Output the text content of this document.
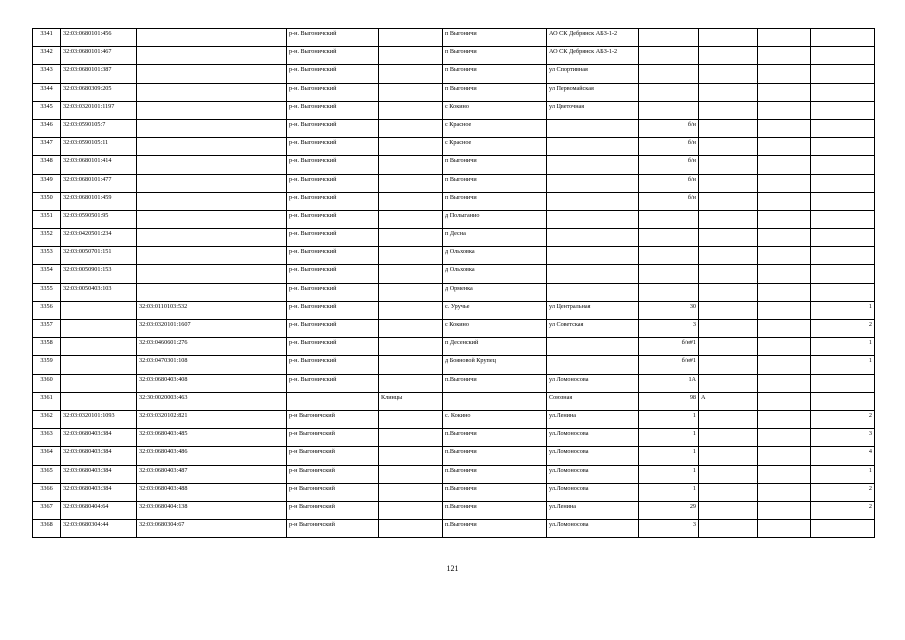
3341	32:03:0680101:456		р-н. Выгоничский		п Выгоничи	АО СК Дебрянск АБЗ-1-2				
3342	32:03:0680101:467		р-н. Выгоничский		п Выгоничи	АО СК Дебрянск АБЗ-1-2				
3343	32:03:0680101:387		р-н. Выгоничский		п Выгоничи	ул Спортивная				
3344	32:03:0680309:205		р-н. Выгоничский		п Выгоничи	ул Первомайская				
3345	32:03:0320101:1197		р-н. Выгоничский		с Кокино	ул Цветочная				
3346	32:03:0590105:7		р-н. Выгоничский		с Красное		б/н			
3347	32:03:0590105:11		р-н. Выгоничский		с Красное		б/н			
3348	32:03:0680101:414		р-н. Выгоничский		п Выгоничи		б/н			
3349	32:03:0680101:477		р-н. Выгоничский		п Выгоничи		б/н			
3350	32:03:0680101:459		р-н. Выгоничский		п Выгоничи		б/н			
3351	32:03:0590501:95		р-н. Выгоничский		д Полыганио					
3352	32:03:0420501:234		р-н. Выгоничский		п Десна					
3353	32:03:0050701:151		р-н. Выгоничский		д Ольховка					
3354	32:03:0050901:153		р-н. Выгоничский		д Ольховка					
3355	32:03:0050403:103		р-н. Выгоничский		д Орменка					
3356		32:03:0110103:532	р-н. Выгоничский		с. Уручье	ул Центральная	30			1
3357		32:03:0320101:1607	р-н. Выгоничский		с Кокино	ул Советская	3			2
3358		32:03:0460601:276	р-н. Выгоничский		п Десенский		б/н#1			1
3359		32:03:0470301:108	р-н. Выгоничский		д Бояновой Крупец		б/н#1			1
3360		32:03:0680403:408	р-н. Выгоничский		п.Выгоничи	ул Ломоносова	1А			
3361		32:30:0020003:463		Клинцы		Союзная	98	А		
3362	32:03:0320101:1093	32:03:0320102:821	р-н Выгоничский		с. Кокино	ул.Ленина	1			2
3363	32:03:0680403:384	32:03:0680403:485	р-н Выгоничский		п.Выгоничи	ул.Ломоносова	1			3
3364	32:03:0680403:384	32:03:0680403:486	р-н Выгоничский		п.Выгоничи	ул.Ломоносова	1			4
3365	32:03:0680403:384	32:03:0680403:487	р-н Выгоничский		п.Выгоничи	ул.Ломоносова	1			1
3366	32:03:0680403:384	32:03:0680403:488	р-н Выгоничский		п.Выгоничи	ул.Ломоносова	1			2
3367	32:03:0680404:64	32:03:0680404:138	р-н Выгоничский		п.Выгоничи	ул.Ленина	29			2
3368	32:03:0680304:44	32:03:0680304:67	р-н Выгоничский		п.Выгоничи	ул.Ломоносова	3			
121
